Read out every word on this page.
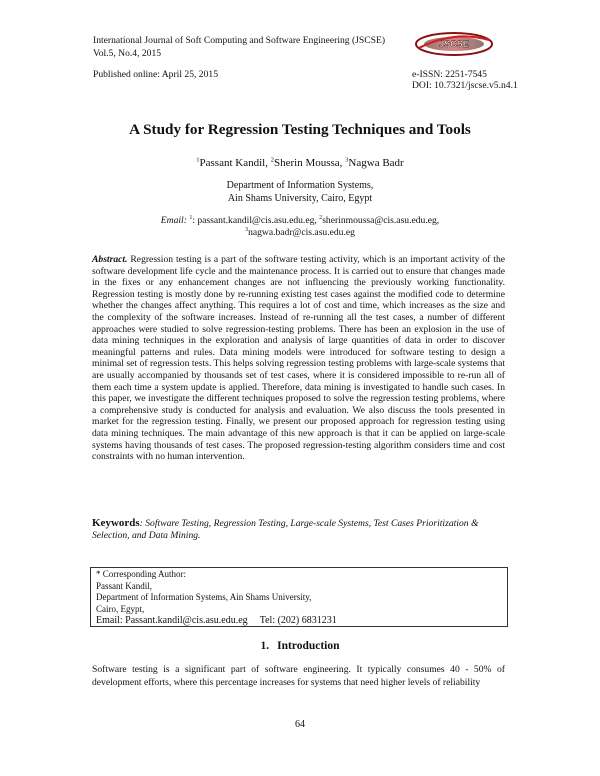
International Journal of Soft Computing and Software Engineering (JSCSE)
Vol.5, No.4, 2015
Published online: April 25, 2015
JSCSE
e-ISSN: 2251-7545
DOI: 10.7321/jscse.v5.n4.1
A Study for Regression Testing Techniques and Tools
$^1$Passant Kandil, $^2$Sherin Moussa, $^3$Nagwa Badr
Department of Information Systems,
Ain Shams University, Cairo, Egypt
Email: $^1$: passant.kandil@cis.asu.edu.eg, $^2$sherinmoussa@cis.asu.edu.eg,
$^3$nagwa.badr@cis.asu.edu.eg
Abstract. Regression testing is a part of the software testing activity, which is an important activity of the software development life cycle and the maintenance process. It is carried out to ensure that changes made in the fixes or any enhancement changes are not influencing the previously working functionality. Regression testing is mostly done by re-running existing test cases against the modified code to determine whether the changes affect anything. This requires a lot of cost and time, which increases as the size and the complexity of the software increases. Instead of re-running all the test cases, a number of different approaches were studied to solve regression-testing problems. There has been an explosion in the use of data mining techniques in the exploration and analysis of large quantities of data in order to discover meaningful patterns and rules. Data mining models were introduced for software testing to design a minimal set of regression tests. This helps solving regression testing problems with large-scale systems that are usually accompanied by thousands set of test cases, where it is considered impossible to re-run all of them each time a system update is applied. Therefore, data mining is investigated to handle such cases. In this paper, we investigate the different techniques proposed to solve the regression testing problems, where a comprehensive study is conducted for analysis and evaluation. We also discuss the tools presented in market for the regression testing. Finally, we present our proposed approach for regression testing using data mining techniques. The main advantage of this new approach is that it can be applied on large-scale systems having thousands of test cases. The proposed regression-testing algorithm considers time and cost constraints with no human intervention.
Keywords: Software Testing, Regression Testing, Large-scale Systems, Test Cases Prioritization & Selection, and Data Mining.
* Corresponding Author:
Passant Kandil,
Department of Information Systems, Ain Shams University,
Cairo, Egypt,
Email: Passant.kandil@cis.asu.edu.eg Tel: (202) 6831231
1. Introduction
Software testing is a significant part of software engineering. It typically consumes 40 - 50% of development efforts, where this percentage increases for systems that need higher levels of reliability
64
